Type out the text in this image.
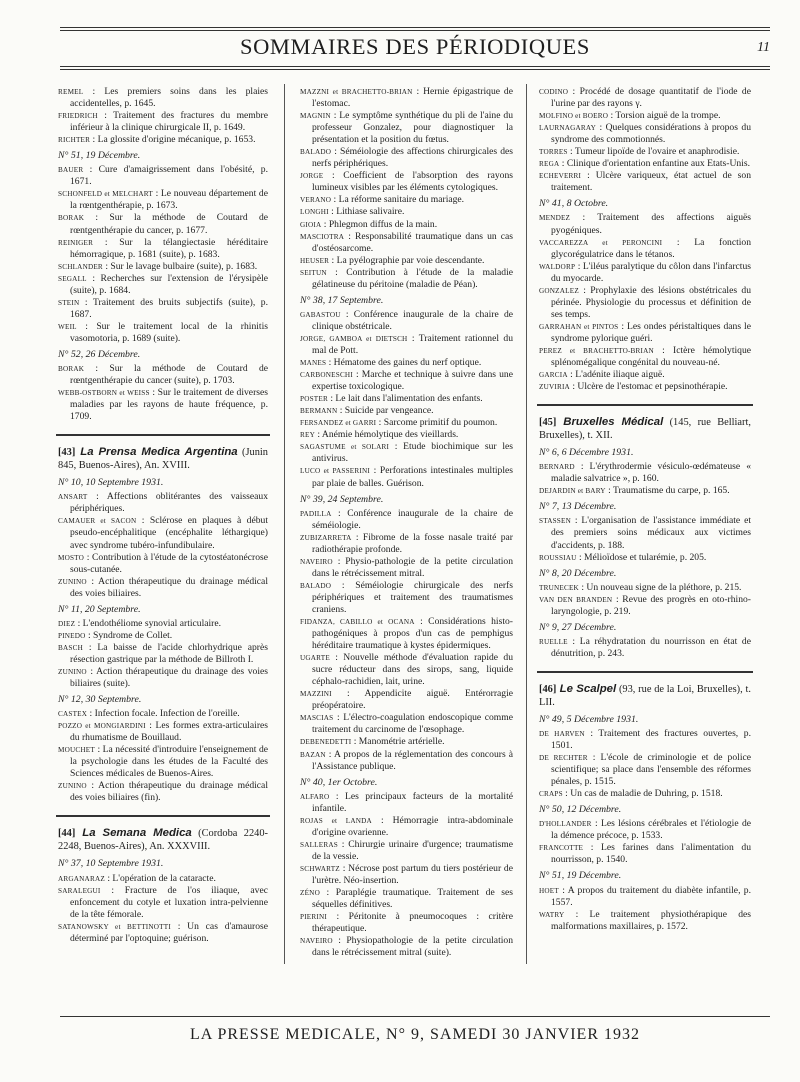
SOMMAIRES DES PÉRIODIQUES	11
REMEL : Les premiers soins dans les plaies accidentelles, p. 1645.
FRIEDRICH : Traitement des fractures du membre inférieur à la clinique chirurgicale II, p. 1649.
RICHTER : La glossite d'origine mécanique, p. 1653.
N° 51, 19 Décembre.
BAUER : Cure d'amaigrissement dans l'obésité, p. 1671.
SCHONFELD et MELCHART : Le nouveau département de la rœntgenthérapie, p. 1673.
BORAK : Sur la méthode de Coutard de rœntgenthérapie du cancer, p. 1677.
REINIGER : Sur la télangiectasie héréditaire hémorragique, p. 1681 (suite), p. 1683.
SCHLANDER : Sur le lavage bulbaire (suite), p. 1683.
SEGALL : Recherches sur l'extension de l'érysipèle (suite), p. 1684.
STEIN : Traitement des bruits subjectifs (suite), p. 1687.
WEIL : Sur le traitement local de la rhinitis vasomotoria, p. 1689 (suite).
N° 52, 26 Décembre.
BORAK : Sur la méthode de Coutard de rœntgenthérapie du cancer (suite), p. 1703.
WEBB-OSTBORN et WEISS : Sur le traitement de diverses maladies par les rayons de haute fréquence, p. 1709.
[43] La Prensa Medica Argentina (Junin 845, Buenos-Aires), An. XVIII.
N° 10, 10 Septembre 1931.
ANSART : Affections oblitérantes des vaisseaux périphériques.
CAMAUER et SACON : Sclérose en plaques à début pseudo-encéphalitique (encéphalite léthargique) avec syndrome tubéro-infundibulaire.
MOSTO : Contribution à l'étude de la cytostéatonécrose sous-cutanée.
ZUNINO : Action thérapeutique du drainage médical des voies biliaires.
N° 11, 20 Septembre.
DIEZ : L'endothéliome synovial articulaire.
PINEDO : Syndrome de Collet.
BASCH : La baisse de l'acide chlorhydrique après résection gastrique par la méthode de Billroth I.
ZUNINO : Action thérapeutique du drainage des voies biliaires (suite).
N° 12, 30 Septembre.
CASTEX : Infection focale. Infection de l'oreille.
POZZO et MONGIARDINI : Les formes extra-articulaires du rhumatisme de Bouillaud.
MOUCHET : La nécessité d'introduire l'enseignement de la psychologie dans les études de la Faculté des Sciences médicales de Buenos-Aires.
ZUNINO : Action thérapeutique du drainage médical des voies biliaires (fin).
[44] La Semana Medica (Cordoba 2240-2248, Buenos-Aires), An. XXXVIII.
N° 37, 10 Septembre 1931.
ARGANARAZ : L'opération de la cataracte.
SARALEGUI : Fracture de l'os iliaque, avec enfoncement du cotyle et luxation intra-pelvienne de la tête fémorale.
SATANOWSKY et BETTINOTTI : Un cas d'amaurose déterminé par l'optoquine; guérison.
MAZZNI et BRACHETTO-BRIAN : Hernie épigastrique de l'estomac.
MAGNIN : Le symptôme synthétique du pli de l'aine du professeur Gonzalez, pour diagnostiquer la présentation et la position du fœtus.
BALADO : Séméiologie des affections chirurgicales des nerfs périphériques.
JORGE : Coefficient de l'absorption des rayons lumineux visibles par les éléments cytologiques.
VERANO : La réforme sanitaire du mariage.
LONGHI : Lithiase salivaire.
GIOIA : Phlegmon diffus de la main.
MASCIOTRA : Responsabilité traumatique dans un cas d'ostéosarcome.
HEUSER : La pyélographie par voie descendante.
SEITUN : Contribution à l'étude de la maladie gélatineuse du péritoine (maladie de Péan).
N° 38, 17 Septembre.
GABASTOU : Conférence inaugurale de la chaire de clinique obstétricale.
JORGE, GAMBOA et DIETSCH : Traitement rationnel du mal de Pott.
MANES : Hématome des gaines du nerf optique.
CARBONESCHI : Marche et technique à suivre dans une expertise toxicologique.
POSTER : Le lait dans l'alimentation des enfants.
BERMANN : Suicide par vengeance.
FERSANDEZ et GARRI : Sarcome primitif du poumon.
REY : Anémie hémolytique des vieillards.
SAGASTUME et SOLARI : Etude biochimique sur les antivirus.
LUCO et PASSERINI : Perforations intestinales multiples par plaie de balles. Guérison.
N° 39, 24 Septembre.
PADILLA : Conférence inaugurale de la chaire de séméiologie.
ZUBIZARRETA : Fibrome de la fosse nasale traité par radiothérapie profonde.
NAVEIRO : Physio-pathologie de la petite circulation dans le rétrécissement mitral.
BALADO : Séméiologie chirurgicale des nerfs périphériques et traitement des traumatismes craniens.
FIDANZA, CABILLO et OCANA : Considérations histo-pathogéniques à propos d'un cas de pemphigus héréditaire traumatique à kystes épidermiques.
UGARTE : Nouvelle méthode d'évaluation rapide du sucre réducteur dans des sirops, sang, liquide céphalo-rachidien, lait, urine.
MAZZINI : Appendicite aiguë. Entérorragie préopératoire.
MASCIAS : L'électro-coagulation endoscopique comme traitement du carcinome de l'œsophage.
DEBENEDETTI : Manométrie artérielle.
BAZAN : A propos de la réglementation des concours à l'Assistance publique.
N° 40, 1er Octobre.
ALFARO : Les principaux facteurs de la mortalité infantile.
ROJAS et LANDA : Hémorragie intra-abdominale d'origine ovarienne.
SALLERAS : Chirurgie urinaire d'urgence; traumatisme de la vessie.
SCHWARTZ : Nécrose post partum du tiers postérieur de l'urètre. Néo-insertion.
ZÉNO : Paraplégie traumatique. Traitement de ses séquelles définitives.
PIERINI : Péritonite à pneumocoques : critère thérapeutique.
NAVEIRO : Physiopathologie de la petite circulation dans le rétrécissement mitral (suite).
CODINO : Procédé de dosage quantitatif de l'iode de l'urine par des rayons γ.
MOLFINO et BOERO : Torsion aiguë de la trompe.
LAURNAGARAY : Quelques considérations à propos du syndrome des commotionnés.
TORRES : Tumeur lipoïde de l'ovaire et anaphrodisie.
REGA : Clinique d'orientation enfantine aux Etats-Unis.
ECHEVERRI : Ulcère variqueux, état actuel de son traitement.
N° 41, 8 Octobre.
MENDEZ : Traitement des affections aiguës pyogéniques.
VACCAREZZA et PERONCINI : La fonction glycorégulatrice dans le tétanos.
WALDORP : L'iléus paralytique du côlon dans l'infarctus du myocarde.
GONZALEZ : Prophylaxie des lésions obstétricales du périnée. Physiologie du processus et définition de ses temps.
GARRAHAN et PINTOS : Les ondes péristaltiques dans le syndrome pylorique guéri.
PEREZ et BRACHETTO-BRIAN : Ictère hémolytique splénomégalique congénital du nouveau-né.
GARCIA : L'adénite iliaque aiguë.
ZUVIRIA : Ulcère de l'estomac et pepsinothérapie.
[45] Bruxelles Médical (145, rue Belliart, Bruxelles), t. XII.
N° 6, 6 Décembre 1931.
BERNARD : L'érythrodermie vésiculo-œdémateuse « maladie salvatrice », p. 160.
DEJARDIN et BARY : Traumatisme du carpe, p. 165.
N° 7, 13 Décembre.
STASSEN : L'organisation de l'assistance immédiate et des premiers soins médicaux aux victimes d'accidents, p. 188.
ROUSSIAU : Mélioïdose et tularémie, p. 205.
N° 8, 20 Décembre.
TRUNECEK : Un nouveau signe de la pléthore, p. 215.
VAN DEN BRANDEN : Revue des progrès en oto-rhino-laryngologie, p. 219.
N° 9, 27 Décembre.
RUELLE : La réhydratation du nourrisson en état de dénutrition, p. 243.
[46] Le Scalpel (93, rue de la Loi, Bruxelles), t. LII.
N° 49, 5 Décembre 1931.
DE HARVEN : Traitement des fractures ouvertes, p. 1501.
DE RECHTER : L'école de criminologie et de police scientifique; sa place dans l'ensemble des réformes pénales, p. 1515.
CRAPS : Un cas de maladie de Duhring, p. 1518.
N° 50, 12 Décembre.
D'HOLLANDER : Les lésions cérébrales et l'étiologie de la démence précoce, p. 1533.
FRANCOTTE : Les farines dans l'alimentation du nourrisson, p. 1540.
N° 51, 19 Décembre.
HOET : A propos du traitement du diabète infantile, p. 1557.
WATRY : Le traitement physiothérapique des malformations maxillaires, p. 1572.
LA PRESSE MEDICALE, N° 9, SAMEDI 30 JANVIER 1932
